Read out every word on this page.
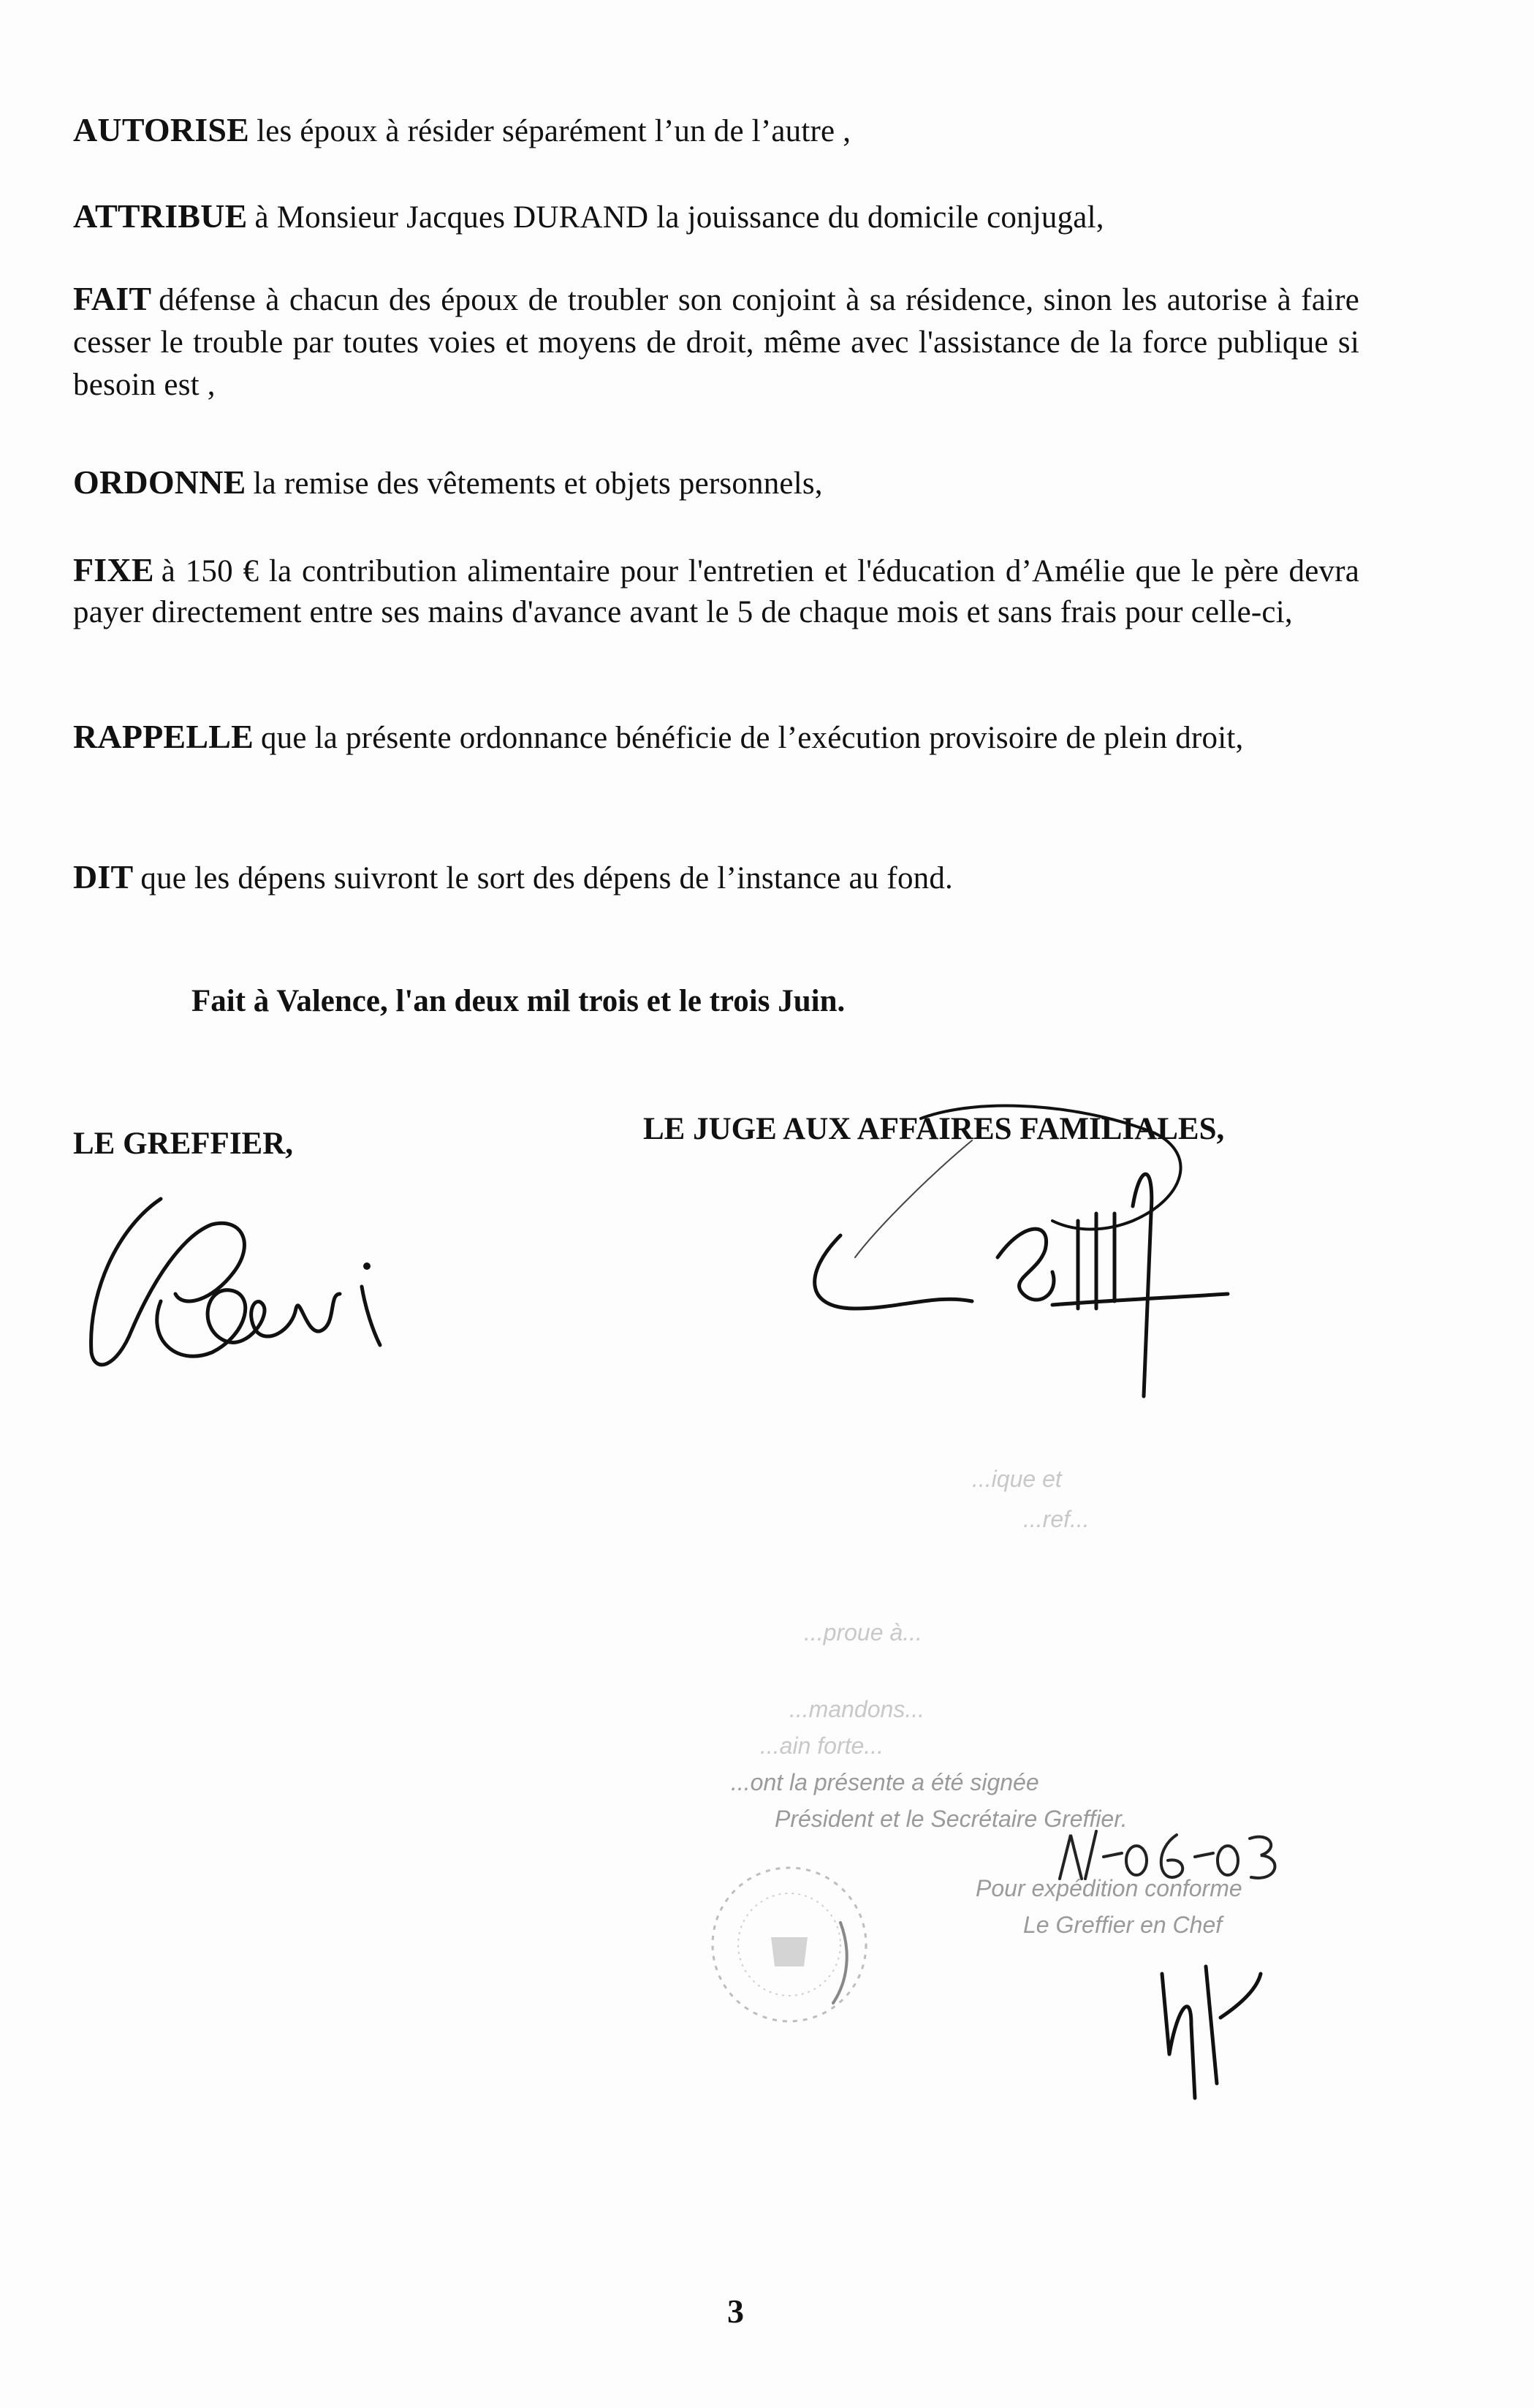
AUTORISE les époux à résider séparément l’un de l’autre ,
ATTRIBUE à Monsieur Jacques DURAND la jouissance du domicile conjugal,
FAIT défense à chacun des époux de troubler son conjoint à sa résidence, sinon les autorise à faire cesser le trouble par toutes voies et moyens de droit, même avec l'assistance de la force publique si besoin est ,
ORDONNE la remise des vêtements et objets personnels,
FIXE à 150 € la contribution alimentaire pour l'entretien et l'éducation d’Amélie que le père devra payer directement entre ses mains d'avance avant le 5 de chaque mois et sans frais pour celle-ci,
RAPPELLE que la présente ordonnance bénéficie de l’exécution provisoire de plein droit,
DIT que les dépens suivront le sort des dépens de l’instance au fond.
Fait à Valence, l'an deux mil trois et le trois Juin.
LE GREFFIER,	LE JUGE AUX AFFAIRES FAMILIALES,
...ique et
...ref...
...proue à...
...mandons...
...ain forte...
...ont la présente a été signée
Président et le Secrétaire Greffier.
Pour expédition conforme
Le Greffier en Chef
3
